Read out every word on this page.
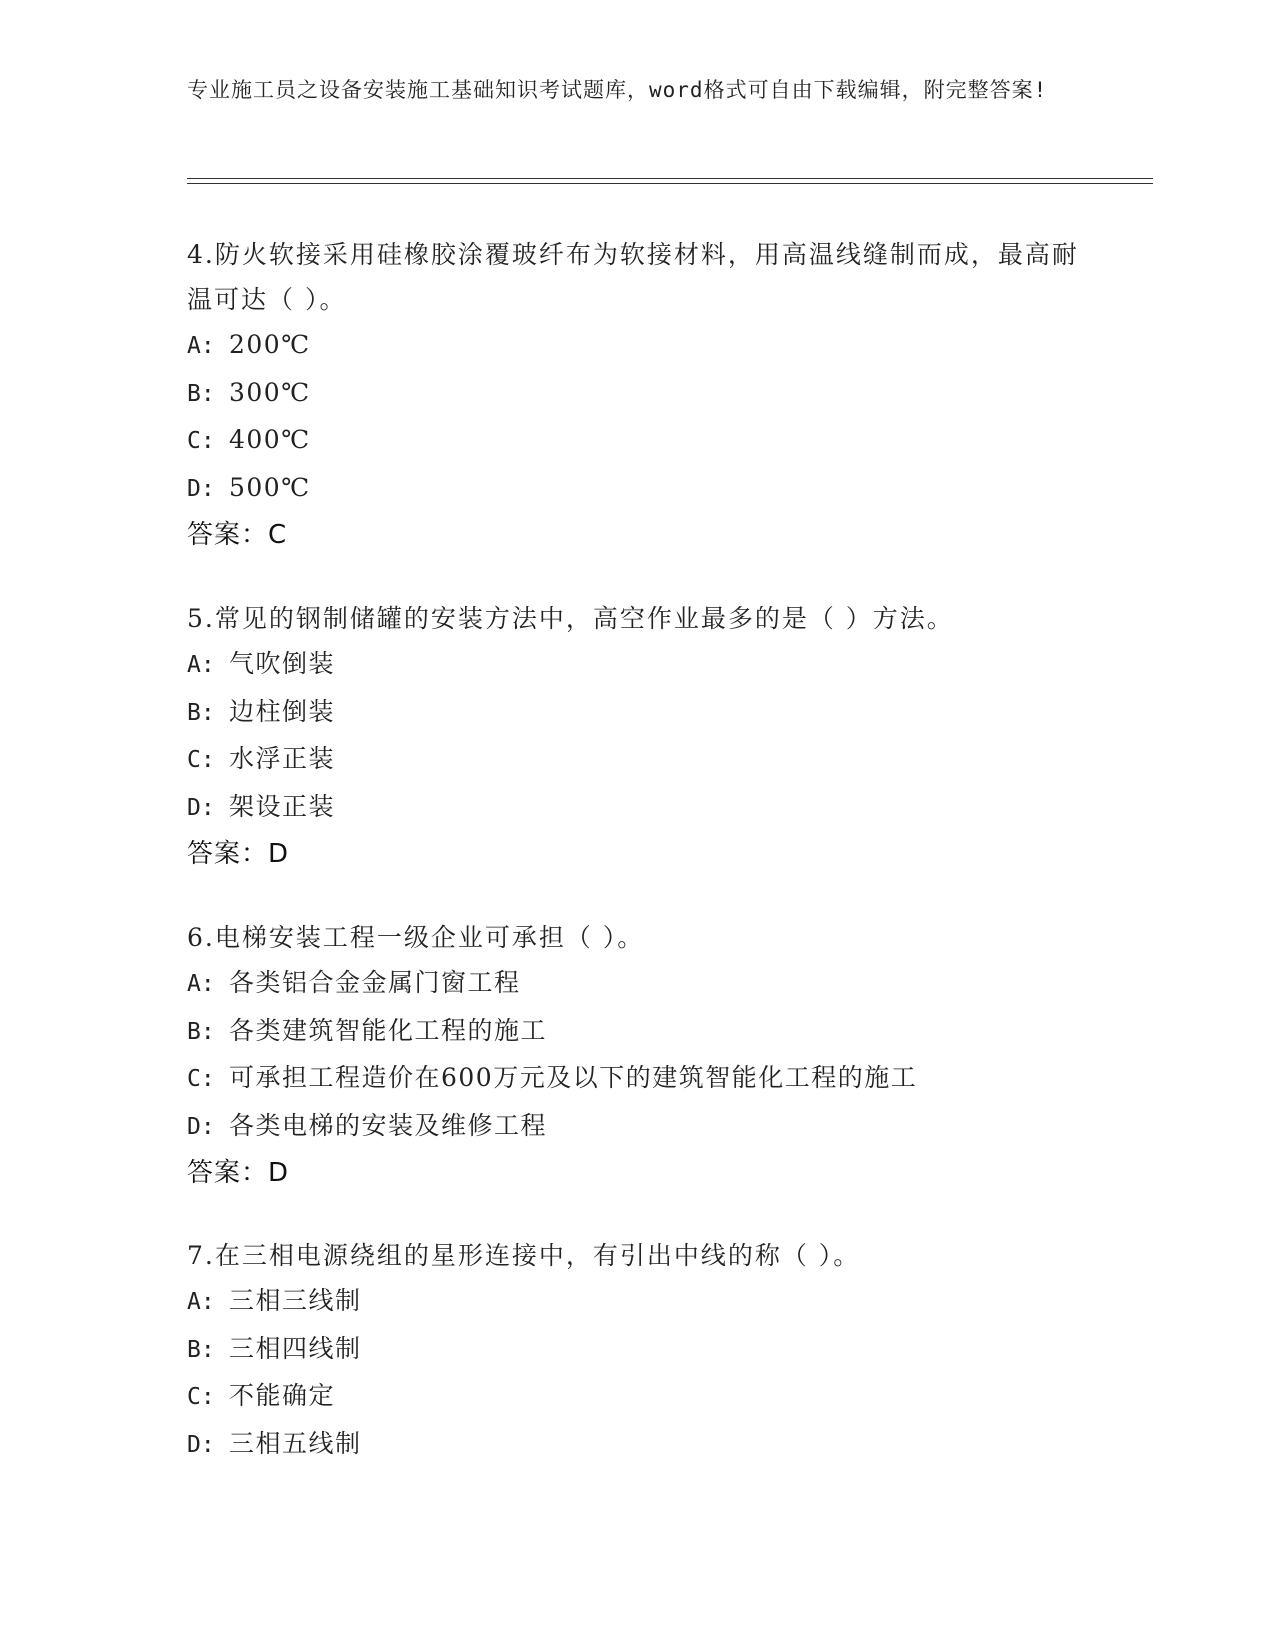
专业施工员之设备安装施工基础知识考试题库，word格式可自由下载编辑，附完整答案!
4.防火软接采用硅橡胶涂覆玻纤布为软接材料，用高温线缝制而成，最高耐温可达（ ）。
A: 200℃
B: 300℃
C: 400℃
D: 500℃
答案：C
5.常见的钢制储罐的安装方法中，高空作业最多的是（ ）方法。
A: 气吹倒装
B: 边柱倒装
C: 水浮正装
D: 架设正装
答案：D
6.电梯安装工程一级企业可承担（ ）。
A: 各类铝合金金属门窗工程
B: 各类建筑智能化工程的施工
C: 可承担工程造价在600万元及以下的建筑智能化工程的施工
D: 各类电梯的安装及维修工程
答案：D
7.在三相电源绕组的星形连接中，有引出中线的称（ ）。
A: 三相三线制
B: 三相四线制
C: 不能确定
D: 三相五线制
